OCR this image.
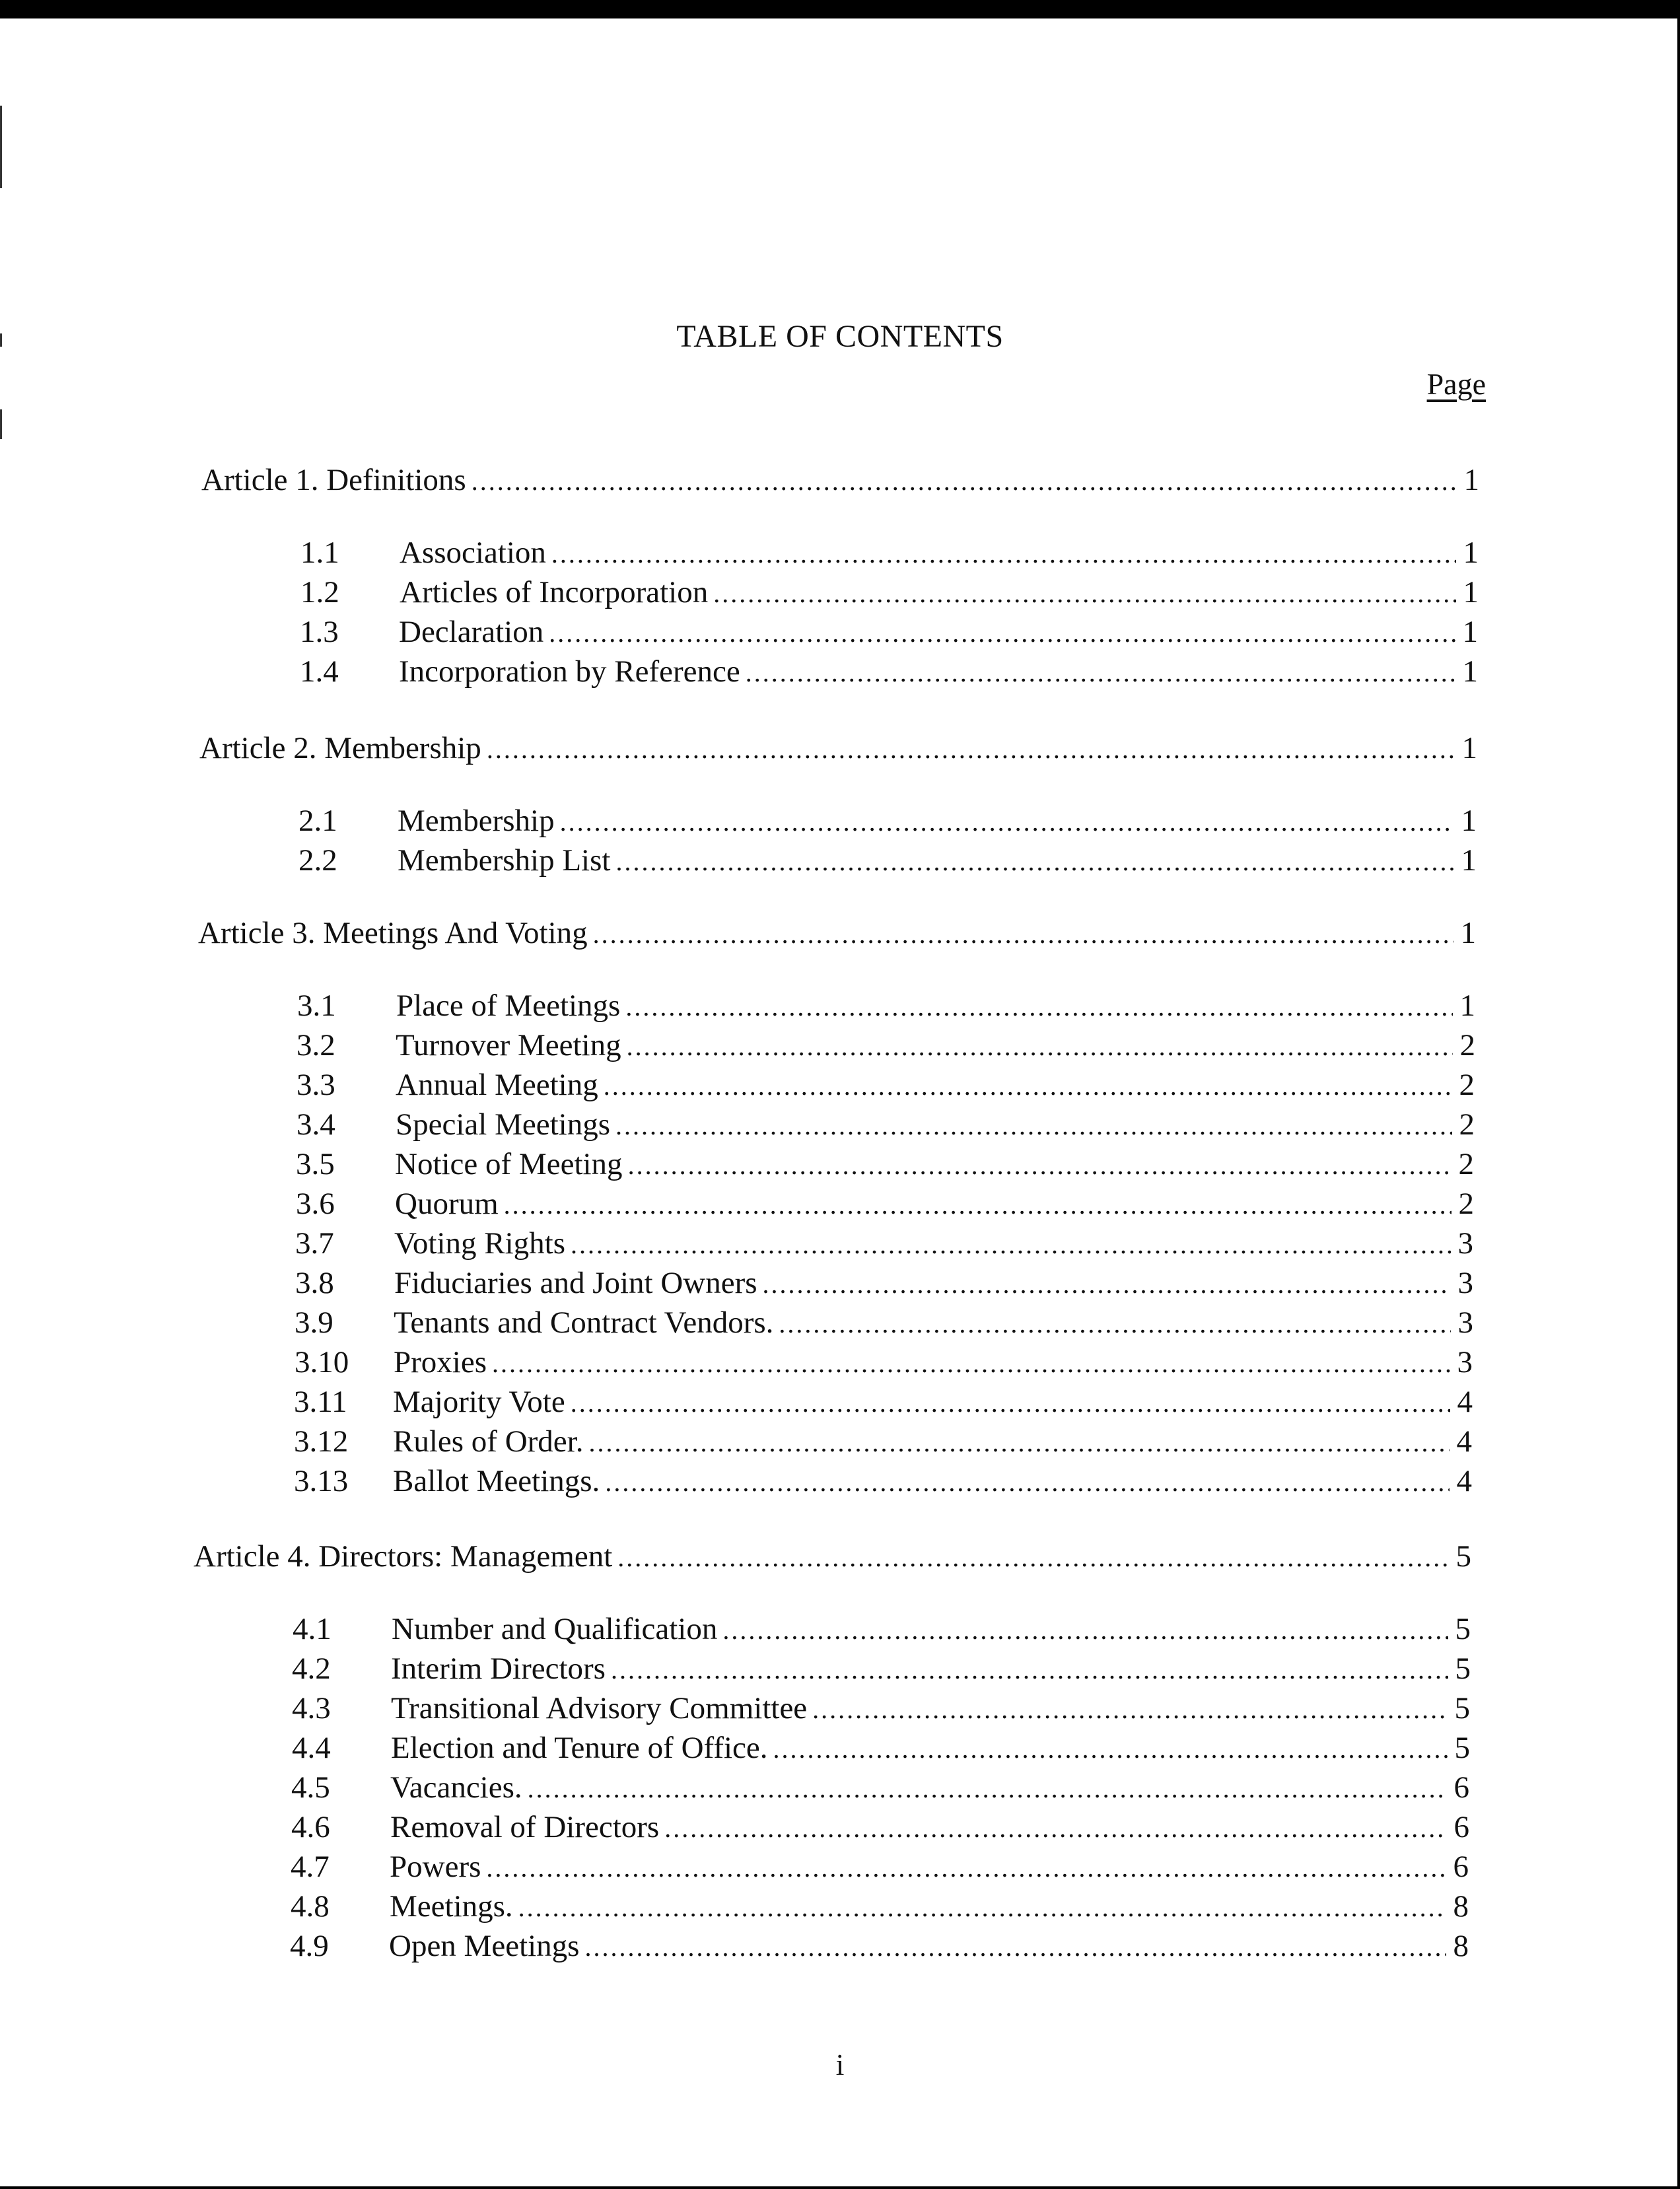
TABLE OF CONTENTS
Page
Article 1. Definitions .....	1
1.1	Association .....	1
1.2	Articles of Incorporation .....	1
1.3	Declaration .....	1
1.4	Incorporation by Reference .....	1
Article 2. Membership .....	1
2.1	Membership .....	1
2.2	Membership List .....	1
Article 3. Meetings And Voting .....	1
3.1	Place of Meetings .....	1
3.2	Turnover Meeting .....	2
3.3	Annual Meeting .....	2
3.4	Special Meetings .....	2
3.5	Notice of Meeting .....	2
3.6	Quorum .....	2
3.7	Voting Rights .....	3
3.8	Fiduciaries and Joint Owners .....	3
3.9	Tenants and Contract Vendors. .....	3
3.10	Proxies .....	3
3.11	Majority Vote .....	4
3.12	Rules of Order. .....	4
3.13	Ballot Meetings. .....	4
Article 4. Directors: Management .....	5
4.1	Number and Qualification .....	5
4.2	Interim Directors .....	5
4.3	Transitional Advisory Committee .....	5
4.4	Election and Tenure of Office. .....	5
4.5	Vacancies. .....	6
4.6	Removal of Directors .....	6
4.7	Powers .....	6
4.8	Meetings. .....	8
4.9	Open Meetings .....	8
i
